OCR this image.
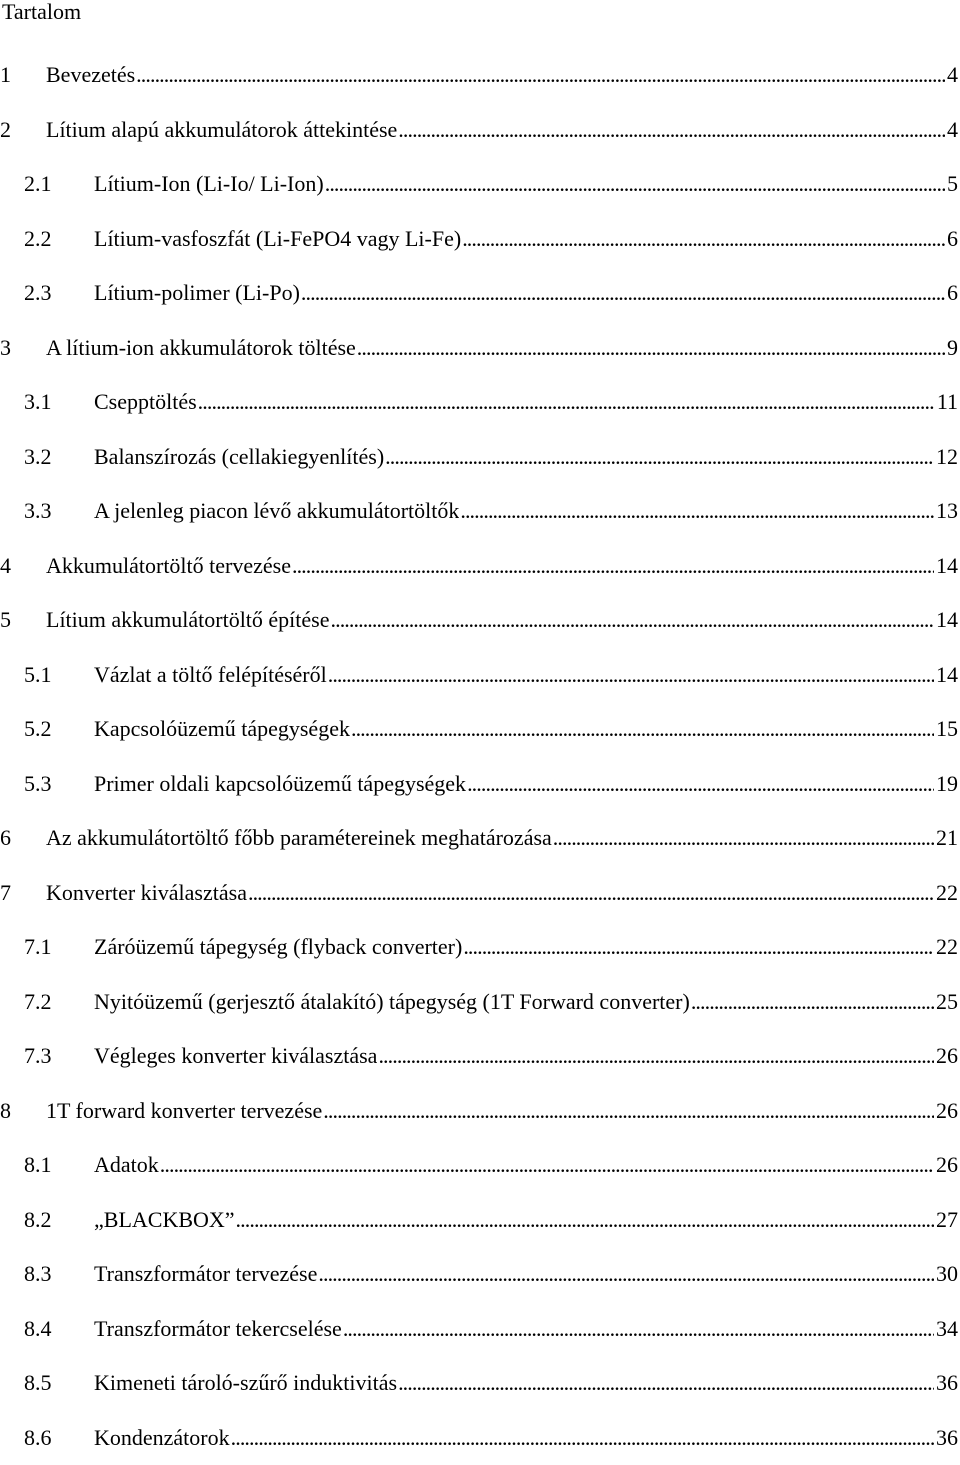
Tartalom
1	Bevezetés . . .	4
2	Lítium alapú akkumulátorok áttekintése . . .	4
2.1	Lítium-Ion (Li-Io/ Li-Ion) . . .	5
2.2	Lítium-vasfoszfát (Li-FePO4 vagy Li-Fe) . . .	6
2.3	Lítium-polimer (Li-Po) . . .	6
3	A lítium-ion akkumulátorok töltése . . .	9
3.1	Csepptöltés . . .	11
3.2	Balanszírozás (cellakiegyenlítés) . . .	12
3.3	A jelenleg piacon lévő akkumulátortöltők . . .	13
4	Akkumulátortöltő tervezése . . .	14
5	Lítium akkumulátortöltő építése . . .	14
5.1	Vázlat a töltő felépítéséről . . .	14
5.2	Kapcsolóüzemű tápegységek . . .	15
5.3	Primer oldali kapcsolóüzemű tápegységek . . .	19
6	Az akkumulátortöltő főbb paramétereinek meghatározása . . .	21
7	Konverter kiválasztása . . .	22
7.1	Záróüzemű tápegység (flyback converter) . . .	22
7.2	Nyitóüzemű (gerjesztő átalakító) tápegység (1T Forward converter) . . .	25
7.3	Végleges konverter kiválasztása . . .	26
8	1T forward konverter tervezése . . .	26
8.1	Adatok . . .	26
8.2	„BLACKBOX” . . .	27
8.3	Transzformátor tervezése . . .	30
8.4	Transzformátor tekercselése . . .	34
8.5	Kimeneti tároló-szűrő induktivitás . . .	36
8.6	Kondenzátorok . . .	36
